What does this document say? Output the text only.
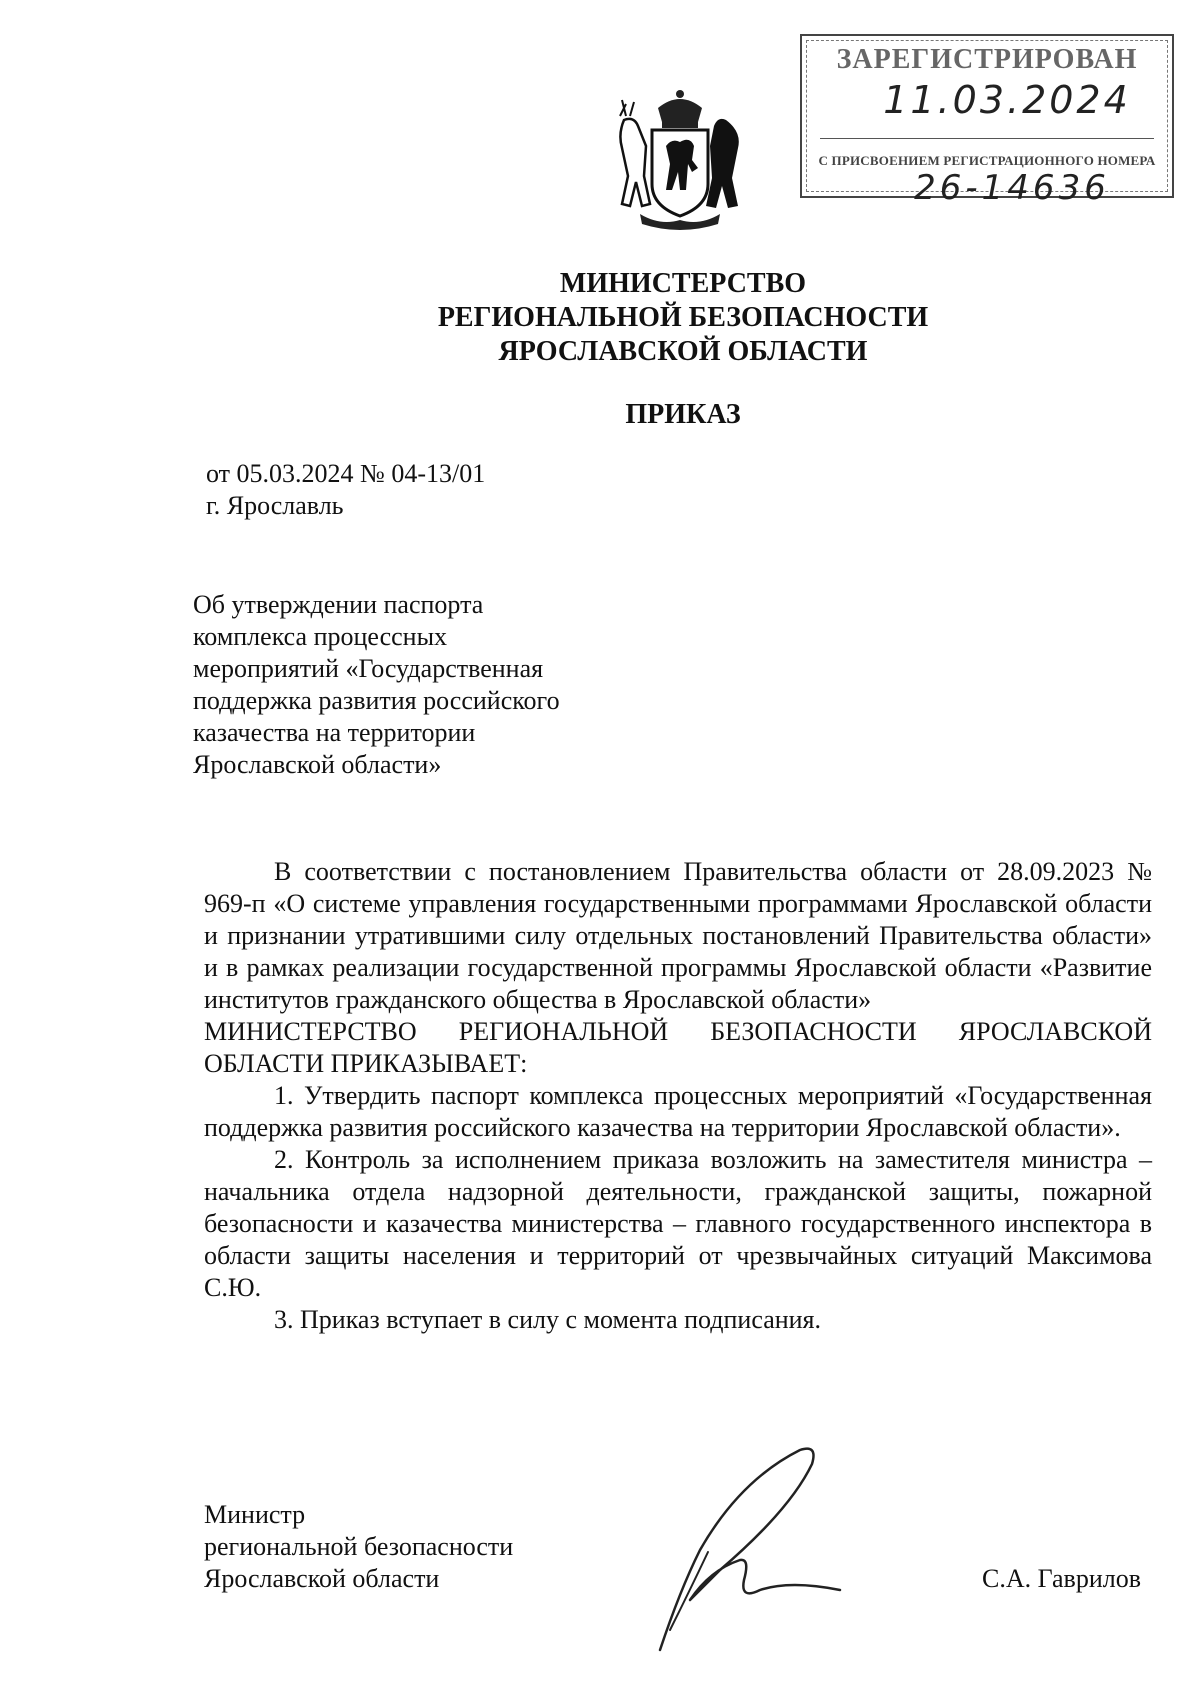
ЗАРЕГИСТРИРОВАН
11.03.2024
С ПРИСВОЕНИЕМ РЕГИСТРАЦИОННОГО НОМЕРА
26-14636
МИНИСТЕРСТВО
РЕГИОНАЛЬНОЙ БЕЗОПАСНОСТИ
ЯРОСЛАВСКОЙ ОБЛАСТИ
ПРИКАЗ
от 05.03.2024 № 04-13/01
г. Ярославль
Об утверждении паспорта
комплекса процессных
мероприятий «Государственная
поддержка развития российского
казачества на территории
Ярославской области»

В соответствии с постановлением Правительства области от 28.09.2023 № 969-п «О системе управления государственными программами Ярославской области и признании утратившими силу отдельных постановлений Правительства области» и в рамках реализации государственной программы Ярославской области «Развитие институтов гражданского общества в Ярославской области»

МИНИСТЕРСТВО РЕГИОНАЛЬНОЙ БЕЗОПАСНОСТИ ЯРОСЛАВСКОЙ ОБЛАСТИ ПРИКАЗЫВАЕТ:

1. Утвердить паспорт комплекса процессных мероприятий «Государственная поддержка развития российского казачества на территории Ярославской области».

2. Контроль за исполнением приказа возложить на заместителя министра – начальника отдела надзорной деятельности, гражданской защиты, пожарной безопасности и казачества министерства – главного государственного инспектора в области защиты населения и территорий от чрезвычайных ситуаций Максимова С.Ю.

3. Приказ вступает в силу с момента подписания.

Министр
региональной безопасности
Ярославской области	С.А. Гаврилов
